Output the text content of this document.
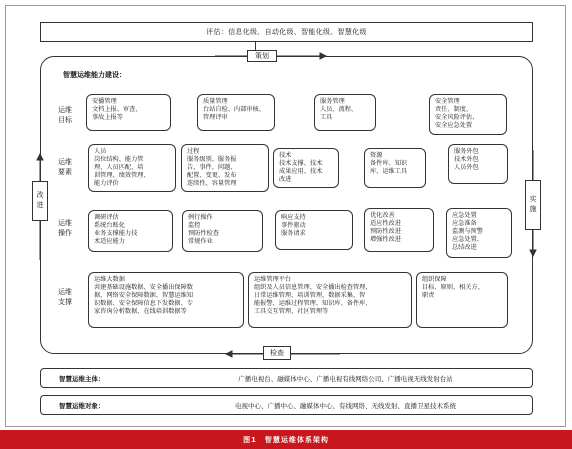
评估：信息化级、自动化级、智能化级、智慧化级
策划
检查
改进	实施
智慧运维能力建设：
运维
目标
运维
要素
运维
操作
运维
支撑
安播管理
文档上报、审查、
事故上报等
质量管理
台站自检、内部审核、
管理评审
服务管理
人员、流程、
工具
安全管理
责任、制度、
安全风险评估、
安全应急处置
人员
岗位结构、能力管
理、人员匹配、培
训管理、绩效管理、
能力评价
过程
服务级别、服务报
告、事件、问题、
配置、变更、发布
连续性、容量管理
技术
技术支撑、技术
成果应用、技术
改进
资源
备件库、知识
库、运维工具
服务外包
技术外包
人员外包
调研评估
系统台账化
业务支撑能力技
术适应能力
例行操作
监控
预防性检查
常规作业
响应支持
事件驱动
服务请求
优化改善
适应性改进
预防性改进
增强性改进
应急处置
应急准备
监测与预警
应急处置、
总结改进
运维大数据
共建基础设施数据、安全播出保障数
据、网络安全保障数据、智慧运维知
识数据、安全保障信息下发数据、专
家咨询分析数据、在线培训数据等
运维管理平台
组织及人员信息管理、安全播出检查管理、
日常运维管理、培训管理、数据采集、智
能报警、运维过程管理、知识库、备件库、
工具交互管理、社区管理等
组织保障
目标、原则、相关方、
职责
智慧运维主体：	广播电视台、融媒体中心、广播电视有线网络公司、广播电视无线发射台站
智慧运维对象：	电视中心、广播中心、融媒体中心、有线网络、无线发射、直播卫星技术系统
图1　智慧运维体系架构
